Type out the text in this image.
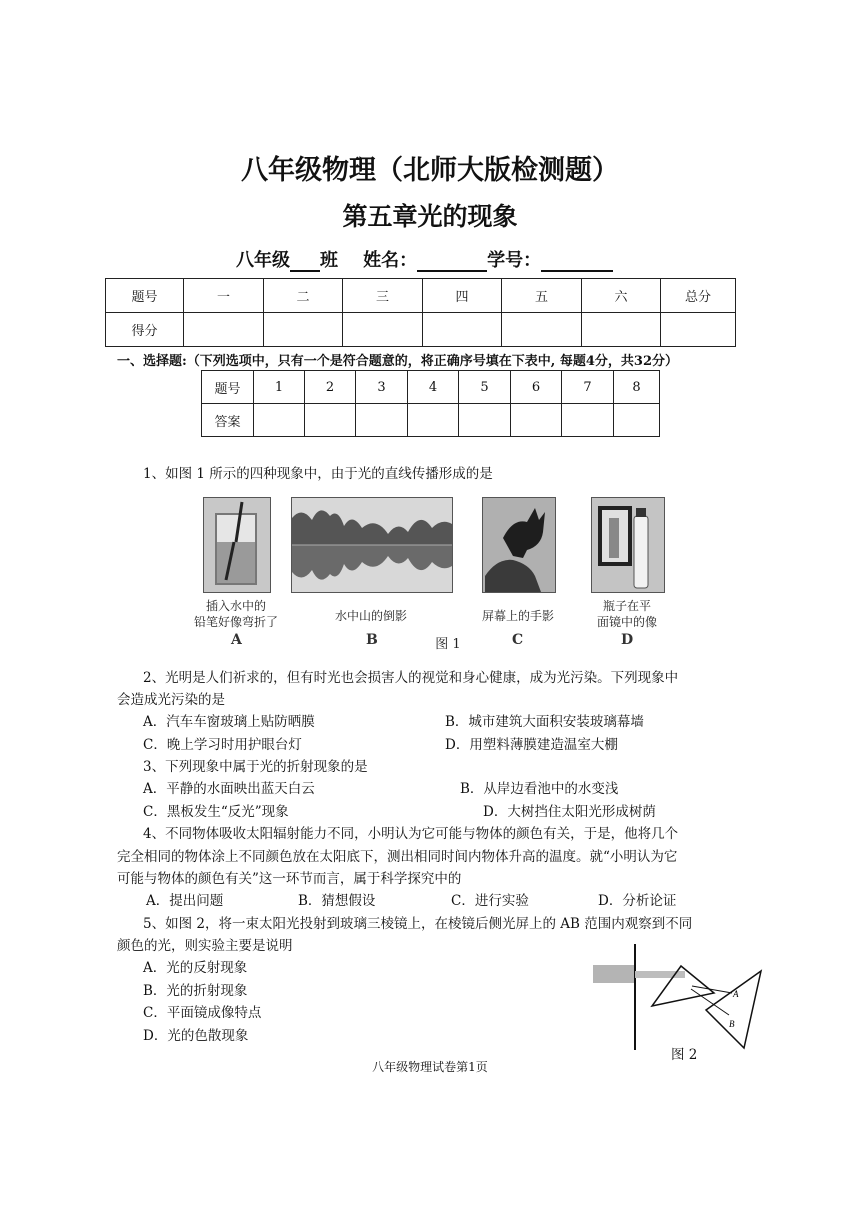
八年级物理（北师大版检测题）
第五章光的现象
八年级 班 姓名：	学号：
题号	一	二	三	四	五	六	总分
得分							
一、选择题:（下列选项中，只有一个是符合题意的，将正确序号填在下表中, 每题4分，共32分）
题号	1	2	3	4	5	6	7	8
答案								
1、如图 1 所示的四种现象中，由于光的直线传播形成的是
插入水中的
铅笔好像弯折了	水中山的倒影	屏幕上的手影
瓶子在平
面镜中的像
A	B	图 1	C	D
2、光明是人们祈求的，但有时光也会损害人的视觉和身心健康，成为光污染。下列现象中
会造成光污染的是
A．汽车车窗玻璃上贴防晒膜	B．城市建筑大面积安装玻璃幕墙
C．晚上学习时用护眼台灯	D．用塑料薄膜建造温室大棚
3、下列现象中属于光的折射现象的是
A．平静的水面映出蓝天白云	B．从岸边看池中的水变浅
C．黑板发生“反光”现象	D．大树挡住太阳光形成树荫
4、不同物体吸收太阳辐射能力不同，小明认为它可能与物体的颜色有关，于是，他将几个
完全相同的物体涂上不同颜色放在太阳底下，测出相同时间内物体升高的温度。就“小明认为它
可能与物体的颜色有关”这一环节而言，属于科学探究中的
A．提出问题	B．猜想假设	C．进行实验	D．分析论证
5、如图 2，将一束太阳光投射到玻璃三棱镜上，在棱镜后侧光屏上的 AB 范围内观察到不同
颜色的光，则实验主要是说明
A．光的反射现象
B．光的折射现象
C．平面镜成像特点
D．光的色散现象
A
B
图 2
八年级物理试卷第1页
